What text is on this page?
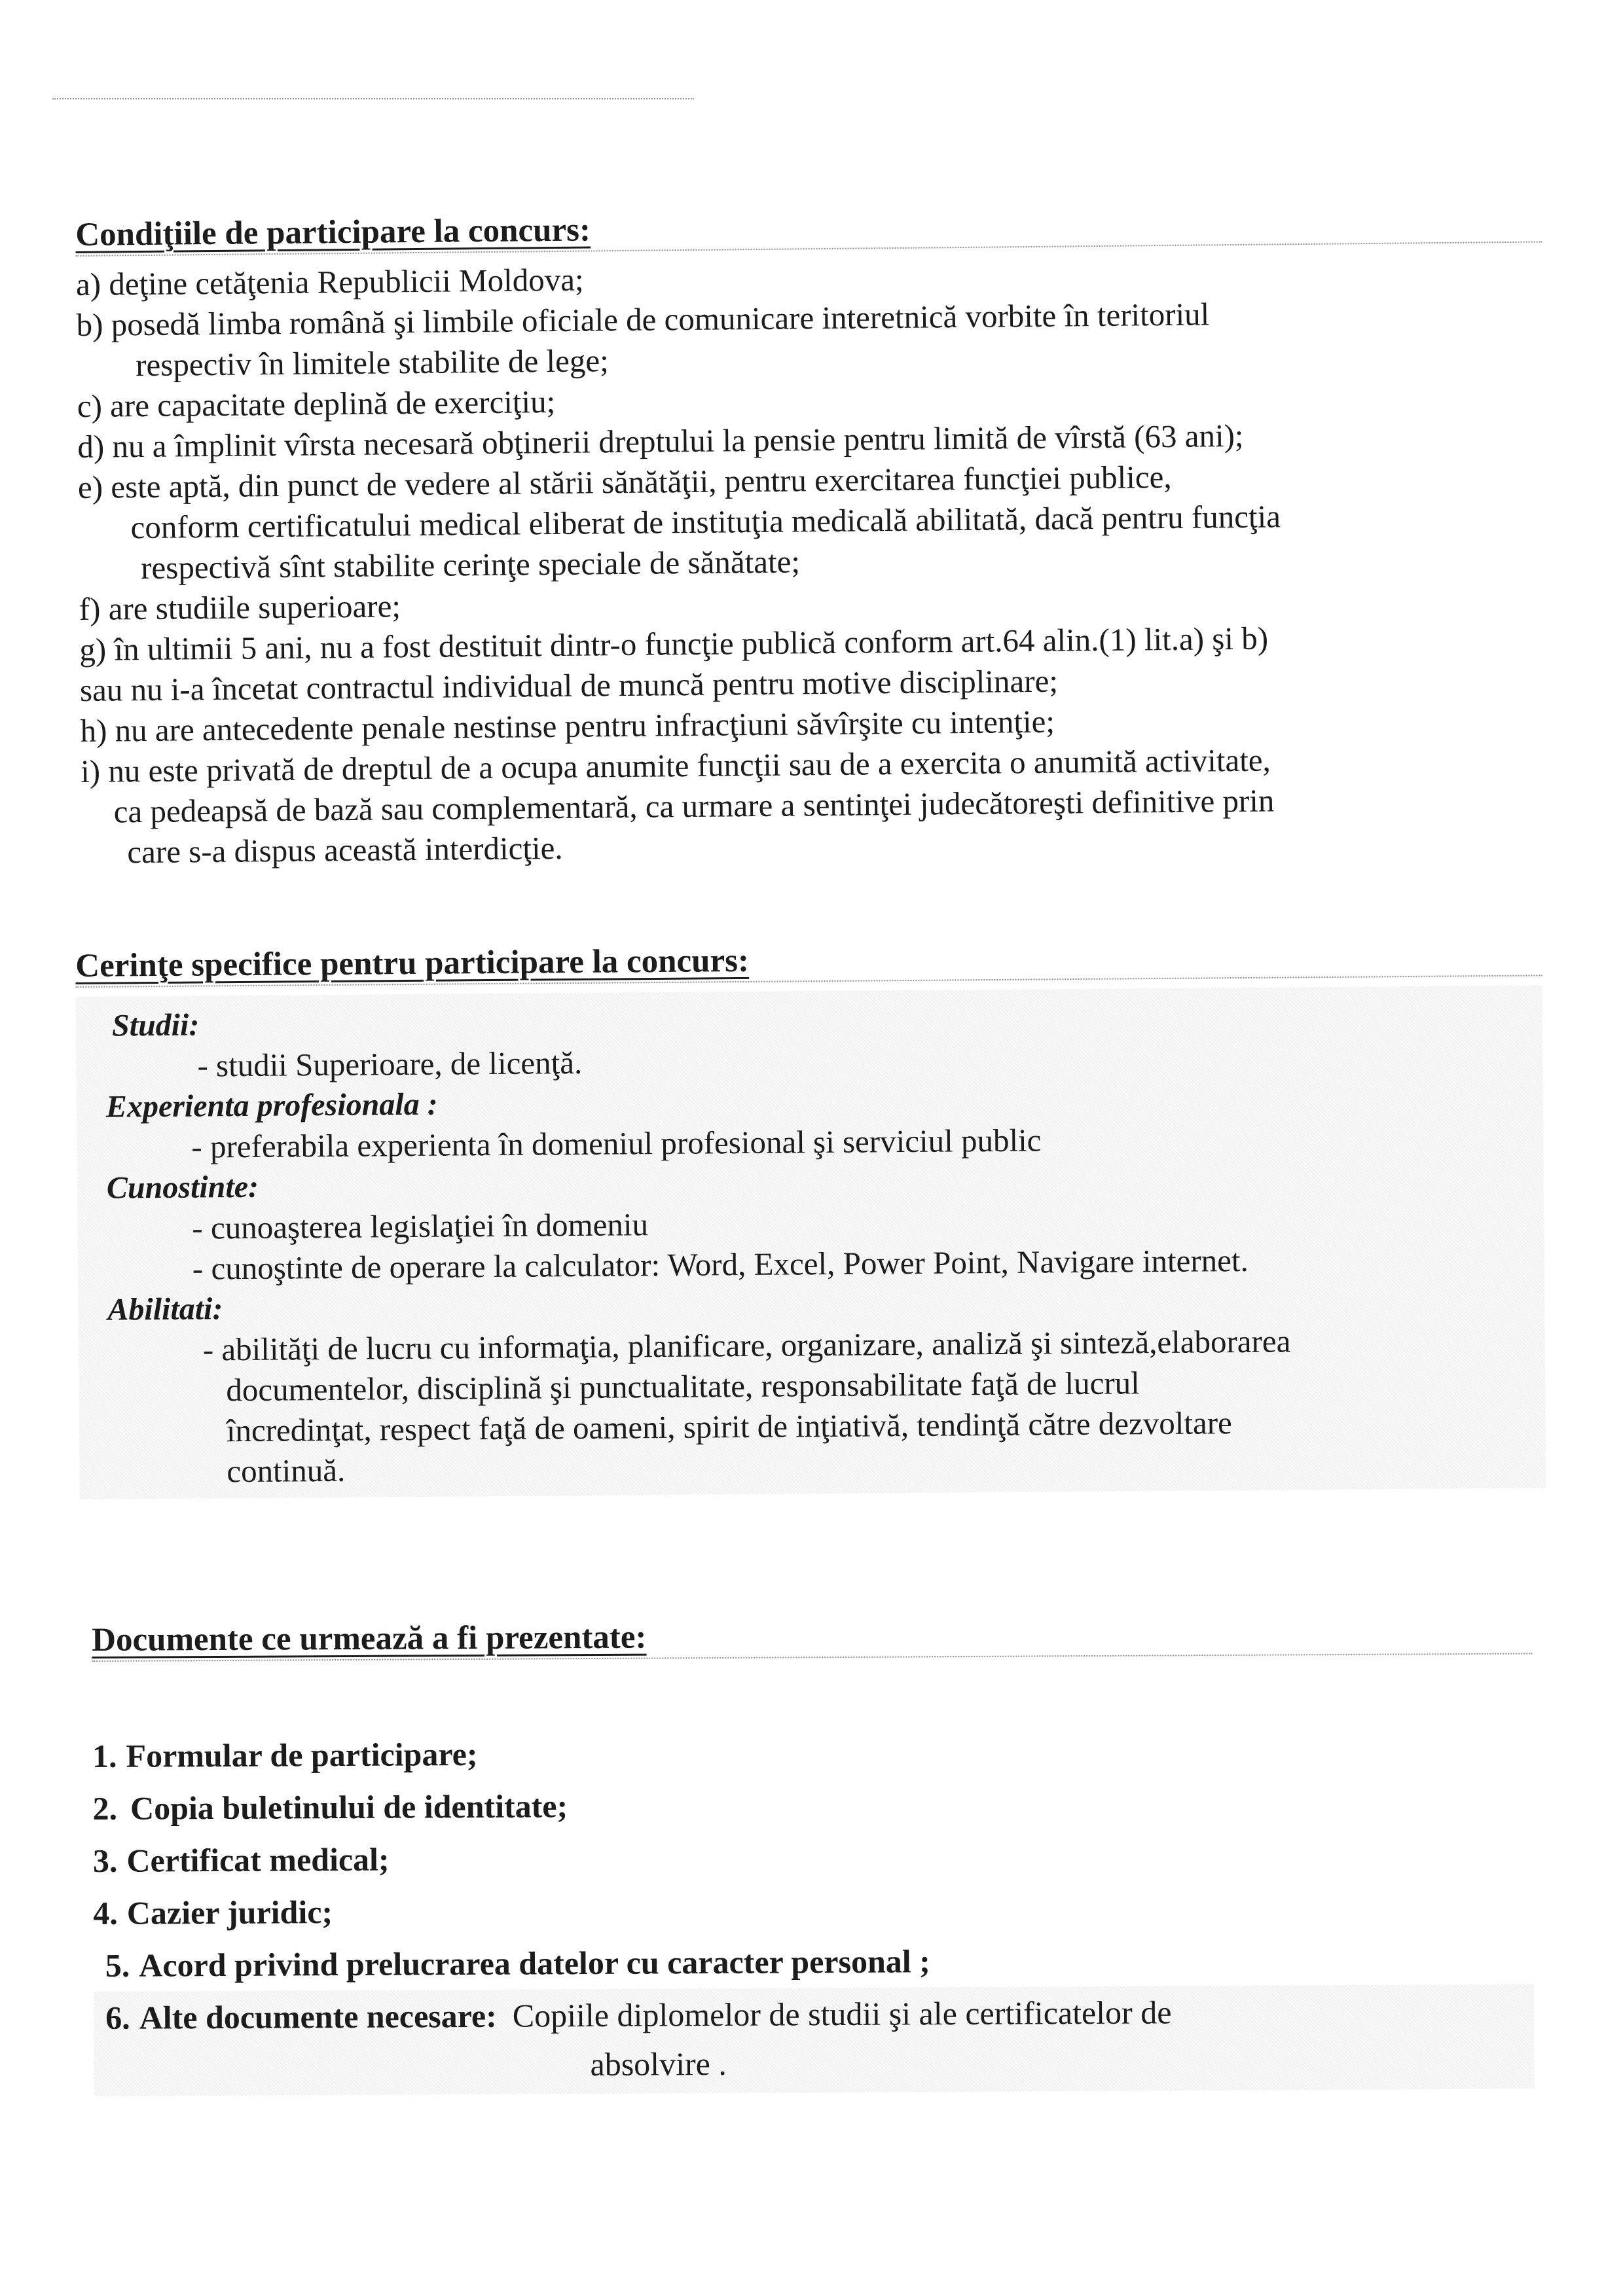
Condiţiile de participare la concurs:
a) deţine cetăţenia Republicii Moldova;
b) posedă limba română şi limbile oficiale de comunicare interetnică vorbite în teritoriul
respectiv în limitele stabilite de lege;
c) are capacitate deplină de exerciţiu;
d) nu a împlinit vîrsta necesară obţinerii dreptului la pensie pentru limită de vîrstă (63 ani);
e) este aptă, din punct de vedere al stării sănătăţii, pentru exercitarea funcţiei publice,
conform certificatului medical eliberat de instituţia medicală abilitată, dacă pentru funcţia
respectivă sînt stabilite cerinţe speciale de sănătate;
f) are studiile superioare;
g) în ultimii 5 ani, nu a fost destituit dintr-o funcţie publică conform art.64 alin.(1) lit.a) şi b)
sau nu i-a încetat contractul individual de muncă pentru motive disciplinare;
h) nu are antecedente penale nestinse pentru infracţiuni săvîrşite cu intenţie;
i) nu este privată de dreptul de a ocupa anumite funcţii sau de a exercita o anumită activitate,
ca pedeapsă de bază sau complementară, ca urmare a sentinţei judecătoreşti definitive prin
care s-a dispus această interdicţie.
Cerinţe specifice pentru participare la concurs:
Studii:
- studii Superioare, de licenţă.
Experienta profesionala :
- preferabila experienta în domeniul profesional şi serviciul public
Cunostinte:
- cunoaşterea legislaţiei în domeniu
- cunoştinte de operare la calculator: Word, Excel, Power Point, Navigare internet.
Abilitati:
- abilităţi de lucru cu informaţia, planificare, organizare, analiză şi sinteză,elaborarea
documentelor, disciplină şi punctualitate, responsabilitate faţă de lucrul
încredinţat, respect faţă de oameni, spirit de inţiativă, tendinţă către dezvoltare
continuă.
Documente ce urmează a fi prezentate:
1. Formular de participare;
2. Copia buletinului de identitate;
3. Certificat medical;
4. Cazier juridic;
5. Acord privind prelucrarea datelor cu caracter personal ;
6. Alte documente necesare: Copiile diplomelor de studii şi ale certificatelor de
absolvire .
